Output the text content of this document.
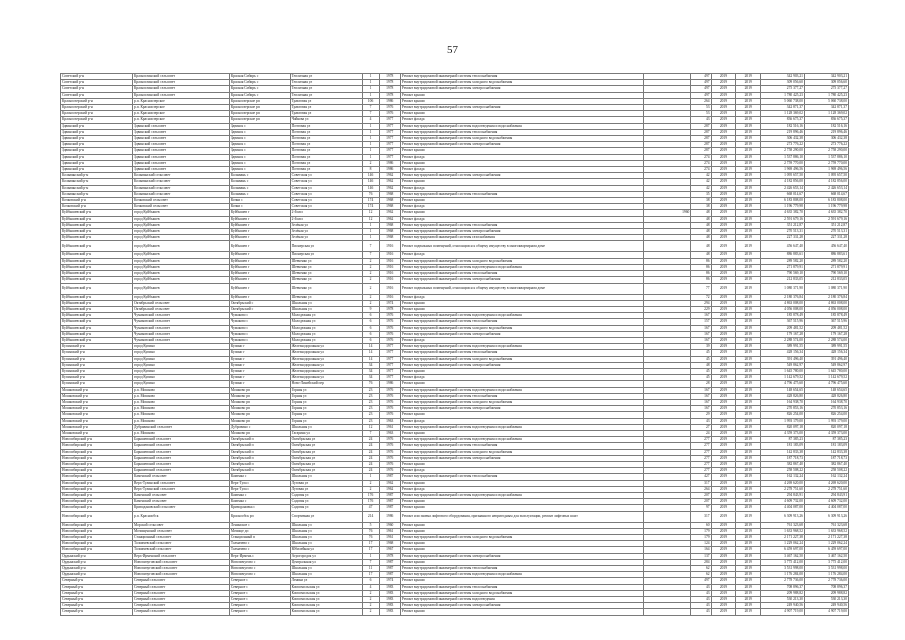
57
Советский р-н	Красноглинский сельсовет	Красная Сибирь с	Тепличная ул	1	1978	Ремонт внутридомовой инженерной системы теплоснабжения		497	2019	2019	342 903,21	342 903,21
Советский р-н	Красноглинский сельсовет	Красная Сибирь с	Тепличная ул	1	1978	Ремонт внутридомовой инженерной системы холодного водоснабжения		497	2019	2019	309 056,60	309 056,60
Советский р-н	Красноглинский сельсовет	Красная Сибирь с	Тепличная ул	1	1978	Ремонт внутридомовой инженерной системы электроснабжения		497	2019	2019	275 377,27	275 377,27
Советский р-н	Красноглинский сельсовет	Красная Сибирь с	Тепличная ул	1	1978	Ремонт крыши		497	2019	2019	1 780 425,23	1 780 425,23
Красноозерский р-н	р.п. Красноозерское	Красноозерское рп	Трактовая ул	106	1986	Ремонт крыши		264	2019	2019	5 060 738,00	5 060 738,00
Красноозерский р-н	р.п. Красноозерское	Красноозерское рп	Трактовая ул	7	1976	Ремонт внутридомовой инженерной системы электроснабжения		53	2019	2019	342 871,37	342 871,37
Красноозерский р-н	р.п. Красноозерское	Красноозерское рп	Трактовая ул	7	1976	Ремонт крыши		53	2019	2019	1 128 369,02	1 128 369,02
Красноозерский р-н	р.п. Красноозерское	Красноозерское рп	Чайкова ул	4	1977	Ремонт фасада		43	2019	2019	836 675,37	836 675,37
Здвинский р-н	Здвинский сельсовет	Здвинск с	Почтовая ул	1	1977	Ремонт внутридомовой инженерной системы водоотведения и водоснабжения		287	2019	2019	182 516,16	182 516,16
Здвинский р-н	Здвинский сельсовет	Здвинск с	Почтовая ул	1	1977	Ремонт внутридомовой инженерной системы теплоснабжения		287	2019	2019	219 896,46	219 896,46
Здвинский р-н	Здвинский сельсовет	Здвинск с	Почтовая ул	1	1977	Ремонт внутридомовой инженерной системы холодного водоснабжения		287	2019	2019	306 432,38	306 432,38
Здвинский р-н	Здвинский сельсовет	Здвинск с	Почтовая ул	1	1977	Ремонт внутридомовой инженерной системы электроснабжения		287	2019	2019	273 776,22	273 776,22
Здвинский р-н	Здвинский сельсовет	Здвинск с	Почтовая ул	1	1977	Ремонт крыши		287	2019	2019	2 758 290,00	2 758 290,00
Здвинский р-н	Здвинский сельсовет	Здвинск с	Почтовая ул	1	1977	Ремонт фасада		274	2019	2019	1 537 886,10	1 537 886,10
Здвинский р-н	Здвинский сельсовет	Здвинск с	Почтовая ул	2	1986	Ремонт крыши		274	2019	2019	2 759 770,00	2 759 770,00
Здвинский р-н	Здвинский сельсовет	Здвинск с	Почтовая ул	8	1986	Ремонт фасада		274	2019	2019	1 969 496,56	1 969 496,56
Колыванский р-н	Колыванский сельсовет	Колывань с	Советская ул	146	1962	Ремонт внутридомовой инженерной системы электроснабжения		42	2019	2019	1 095 657,50	1 095 657,50
Колыванский р-н	Колыванский сельсовет	Колывань с	Советская ул	146	1962	Ремонт крыши		42	2019	2019	4 182 856,00	4 182 856,00
Колыванский р-н	Колыванский сельсовет	Колывань с	Советская ул	146	1962	Ремонт фасада		42	2019	2019	2 426 653,14	2 426 653,14
Колыванский р-н	Колыванский сельсовет	Колывань с	Советская ул	76	1968	Ремонт внутридомовой инженерной системы теплоснабжения		35	2019	2019	668 014,67	668 014,67
Кочковский р-н	Кочковский сельсовет	Кочки с	Советская ул	174	1968	Ремонт крыши		38	2019	2019	6 183 808,00	6 183 808,00
Кочковский р-н	Кочковский сельсовет	Кочки с	Советская ул	174	1968	Ремонт фасада		38	2019	2019	1 196 779,98	1 196 779,98
Куйбышевский р-н	город Куйбышев	Куйбышев г	2-й квл	12	1962	Ремонт крыши	1960	48	2019	2019	4 635 382,70	4 635 382,70
Куйбышевский р-н	город Куйбышев	Куйбышев г	2-й квл	12	1962	Ремонт фасада		48	2019	2019	2 591 679,16	2 591 679,16
Куйбышевский р-н	город Куйбышев	Куйбышев г	Зелёная ул	1	1968	Ремонт внутридомовой инженерной системы теплоснабжения		48	2019	2019	351 212,87	351 212,87
Куйбышевский р-н	город Куйбышев	Куйбышев г	Зелёная ул	1	1968	Ремонт внутридомовой инженерной системы электроснабжения		48	2019	2019	270 513,31	270 513,31
Куйбышевский р-н	город Куйбышев	Куйбышев г	Зелёная ул	1	1968	Ремонт внутридомовой инженерной системы газоснабжения		48	2019	2019	227 331,28	227 331,28
Куйбышевский р-н	город Куйбышев	Куйбышев г	Пионерская ул	7	1916	Ремонт подвальных помещений, относящихся к общему имуществу в многоквартирном доме		48	2019	2019	456 647,40	456 647,40
Куйбышевский р-н	город Куйбышев	Куйбышев г	Пионерская ул	7	1916	Ремонт фасада		48	2019	2019	886 883,61	886 883,61
Куйбышевский р-н	город Куйбышев	Куйбышев г	Шевченко ул	2	1916	Ремонт внутридомовой инженерной системы холодного водоснабжения		86	2019	2019	289 582,20	289 582,20
Куйбышевский р-н	город Куйбышев	Куйбышев г	Шевченко ул	2	1916	Ремонт внутридомовой инженерной системы водоотведения и водоснабжения		86	2019	2019	271 879,91	271 879,91
Куйбышевский р-н	город Куйбышев	Куйбышев г	Шевченко ул	2	1916	Ремонт внутридомовой инженерной системы теплоснабжения		86	2019	2019	790 569,10	790 569,10
Куйбышевский р-н	город Куйбышев	Куйбышев г	Шевченко ул	2	1916	Ремонт внутридомовой инженерной системы электроснабжения		86	2019	2019	212 833,05	212 833,05
Куйбышевский р-н	город Куйбышев	Куйбышев г	Шевченко ул	2	1916	Ремонт подвальных помещений, относящихся к общему имуществу в многоквартирном доме		77	2019	2019	1 080 371,90	1 080 371,90
Куйбышевский р-н	город Куйбышев	Куйбышев г	Шевченко ул	2	1916	Ремонт фасада		72	2019	2019	2 180 376,84	2 180 376,84
Куйбышевский р-н	Октябрьский сельсовет	Октябрьский с	Школьная ул	2	1974	Ремонт крыши		294	2019	2019	4 863 008,00	4 863 008,00
Куйбышевский р-н	Октябрьский сельсовет	Октябрьский с	Школьная ул	9	1978	Ремонт крыши		229	2019	2019	4 056 008,00	4 056 008,00
Куйбышевский р-н	Чумаковский сельсовет	Чумаково с	Молодежная ул	6	1976	Ремонт внутридомовой инженерной системы водоотведения и водоснабжения		167	2019	2019	185 878,49	185 878,49
Куйбышевский р-н	Чумаковский сельсовет	Чумаково с	Молодежная ул	6	1976	Ремонт внутридомовой инженерной системы теплоснабжения		157	2019	2019	367 515,96	367 515,96
Куйбышевский р-н	Чумаковский сельсовет	Чумаково с	Молодежная ул	6	1976	Ремонт внутридомовой инженерной системы холодного водоснабжения		167	2019	2019	209 481,52	209 481,52
Куйбышевский р-н	Чумаковский сельсовет	Чумаково с	Молодежная ул	6	1976	Ремонт внутридомовой инженерной системы электроснабжения		167	2019	2019	179 167,28	179 167,28
Куйбышевский р-н	Чумаковский сельсовет	Чумаково с	Молодежная ул	6	1976	Ремонт фасада		167	2019	2019	2 288 574,00	2 288 574,00
Купинский р-н	город Купино	Купино г	Железнодорожная ул	14	1977	Ремонт внутридомовой инженерной системы водоотведения и водоснабжения		39	2019	2019	389 991,55	389 991,55
Купинский р-н	город Купино	Купино г	Железнодорожная ул	14	1977	Ремонт внутридомовой инженерной системы теплоснабжения		45	2019	2019	428 156,34	428 156,34
Купинский р-н	город Купино	Купино г	Железнодорожная ул	14	1977	Ремонт внутридомовой инженерной системы холодного водоснабжения		45	2019	2019	391 496,40	391 496,40
Купинский р-н	город Купино	Купино г	Железнодорожная ул	34	1977	Ремонт внутридомовой инженерной системы электроснабжения		48	2019	2019	549 862,97	549 862,97
Купинский р-н	город Купино	Купино г	Железнодорожная ул	34	1977	Ремонт крыши		45	2019	2019	1 645 780,00	1 645 780,00
Купинский р-н	город Купино	Купино г	Железнодорожная ул	34	1977	Ремонт фасада		45	2019	2019	1 142 679,52	1 142 679,52
Купинский р-н	город Купино	Купино г	Ново-Линейский пер	76	1986	Ремонт крыши		28	2019	2019	4 796 475,60	4 796 475,60
Мошковский р-н	р.п. Мошково	Мошково рп	Горная ул	23	1976	Ремонт внутридомовой инженерной системы водоотведения и водоснабжения		167	2019	2019	148 654,65	148 654,65
Мошковский р-н	р.п. Мошково	Мошково рп	Горная ул	23	1976	Ремонт внутридомовой инженерной системы теплоснабжения		167	2019	2019	428 826,80	428 826,80
Мошковский р-н	р.п. Мошково	Мошково рп	Горная ул	23	1976	Ремонт внутридомовой инженерной системы холодного водоснабжения		167	2019	2019	164 938,70	164 938,70
Мошковский р-н	р.п. Мошково	Мошково рп	Горная ул	23	1976	Ремонт внутридомовой инженерной системы электроснабжения		167	2019	2019	270 853,16	270 853,16
Мошковский р-н	р.п. Мошково	Мошково рп	Горная ул	23	1976	Ремонт крыши		29	2019	2019	826 254,00	826 254,00
Мошковский р-н	р.п. Мошково	Мошково рп	Горная ул	23	1963	Ремонт фасада		43	2019	2019	1 993 179,00	1 993 179,00
Мошковский р-н	Дубравинский сельсовет	Дубровино с	Школьная ул	12	1961	Ремонт внутридомовой инженерной системы водоотведения и водоснабжения		27	2019	2019	820 097,18	820 097,18
Мошковский р-н	р.п. Мошково	Мошково рп	Гагарина ул	7	1963	Ремонт крыши		24	2019	2019	4 359 373,00	4 359 373,00
Новосибирский р-н	Барышевский сельсовет	Октябрьский п	Октябрьская ул	24	1976	Ремонт внутридомовой инженерной системы водоотведения и водоснабжения		277	2019	2019	87 385,23	87 385,23
Новосибирский р-н	Барышевский сельсовет	Октябрьский п	Октябрьская ул	24	1976	Ремонт внутридомовой инженерной системы теплоснабжения		277	2019	2019	181 183,09	181 183,09
Новосибирский р-н	Барышевский сельсовет	Октябрьский п	Октябрьская ул	24	1976	Ремонт внутридомовой инженерной системы холодного водоснабжения		277	2019	2019	142 833,38	142 833,38
Новосибирский р-н	Барышевский сельсовет	Октябрьский п	Октябрьская ул	24	1976	Ремонт внутридомовой инженерной системы электроснабжения		277	2019	2019	187 718,73	187 718,73
Новосибирский р-н	Барышевский сельсовет	Октябрьский п	Октябрьская ул	24	1976	Ремонт крыши		277	2019	2019	382 867,40	382 867,40
Новосибирский р-н	Барышевский сельсовет	Октябрьский п	Октябрьская ул	24	1976	Ремонт фасада		277	2019	2019	258 508,22	258 508,22
Новосибирский р-н	Каменский сельсовет	Каменка с	Школьная ул	1	1987	Ремонт внутридомовой инженерной системы теплоснабжения		427	2019	2019	162 132,24	162 132,24
Новосибирский р-н	Верх-Тулинский сельсовет	Верх-Тула с	Луговая ул	2	1962	Ремонт крыши		317	2019	2019	4 269 620,00	4 269 620,00
Новосибирский р-н	Верх-Тулинский сельсовет	Верх-Тула с	Луговая ул	2	1962	Ремонт фасада		264	2019	2019	2 278 751,60	2 278 751,60
Новосибирский р-н	Каменский сельсовет	Каменка с	Садовая ул	176	1987	Ремонт внутридомовой инженерной системы водоотведения и водоснабжения		207	2019	2019	294 843,91	294 843,91
Новосибирский р-н	Каменский сельсовет	Каменка с	Садовая ул	176	1987	Ремонт крыши		207	2019	2019	4 609 732,00	4 609 732,00
Новосибирский р-н	Криводановский сельсовет	Криводановка с	Садовая ул	47	1987	Ремонт крыши		97	2019	2019	4 404 087,00	4 404 087,00
Новосибирский р-н	р.п. Краснообск	Краснообск рп	Спортивная ул	214	1986	Ремонт или замена лифтового оборудования, признанного непригодным для эксплуатации, ремонт лифтовых шахт		317	2019	2019	6 309 913,26	6 309 913,26
Новосибирский р-н	Морской сельсовет	Ленинское с	Школьная ул	5	1960	Ремонт крыши		60	2019	2019	761 323,68	761 323,68
Новосибирский р-н	Мочищенский сельсовет	Мочище дп	Школьная ул	76	1961	Ремонт крыши		179	2019	2019	1 633 968,52	1 633 968,52
Новосибирский р-н	Станционный сельсовет	Станционный п	Школьная ул	76	1961	Ремонт внутридомовой инженерной системы холодного водоснабжения		179	2019	2019	2 171 227,38	2 171 227,38
Новосибирский р-н	Толмачевский сельсовет	Толмачево с	Школьная ул	17	1968	Ремонт крыши		124	2019	2019	1 229 062,24	1 229 062,24
Новосибирский р-н	Толмачевский сельсовет	Толмачево с	Юбилейная ул	17	1967	Ремонт крыши		164	2019	2019	6 459 697,00	6 459 697,00
Ордынский р-н	Верх-Ирменский сельсовет	Верх-Ирмень с	Агрогородок ул	1	1978	Ремонт внутридомовой инженерной системы электроснабжения		137	2019	2019	3 467 162,50	3 467 162,50
Ордынский р-н	Новопичуговский сельсовет	Новопичугово с	Центральная ул	7	1987	Ремонт крыши		284	2019	2019	3 775 412,00	3 775 412,00
Ордынский р-н	Новопичуговский сельсовет	Новопичугово с	Школьная ул	11	1987	Ремонт внутридомовой инженерной системы теплоснабжения		62	2019	2019	3 531 998,00	3 531 998,00
Ордынский р-н	Новопичуговский сельсовет	Новопичугово с	Школьная ул	17	1987	Ремонт внутридомовой инженерной системы водоотведения и водоснабжения		62	2019	2019	1 176 284,00	1 176 284,00
Северный р-н	Северный сельсовет	Северное с	Ленина ул	6	1974	Ремонт крыши		497	2019	2019	2 778 736,00	2 778 736,00
Северный р-н	Северный сельсовет	Северное с	Комсомольская ул	4	1983	Ремонт внутридомовой инженерной системы теплоснабжения		43	2019	2019	708 896,37	708 896,37
Северный р-н	Северный сельсовет	Северное с	Комсомольская ул	2	1983	Ремонт внутридомовой инженерной системы холодного водоснабжения		43	2019	2019	209 988,82	209 988,82
Северный р-н	Северный сельсовет	Северное с	Комсомольская ул	2	1983	Ремонт внутридомовой инженерной системы водоотведения		43	2019	2019	530 213,30	530 213,30
Северный р-н	Северный сельсовет	Северное с	Комсомольская ул	2	1983	Ремонт внутридомовой инженерной системы электроснабжения		43	2019	2019	249 940,56	249 940,56
Северный р-н	Северный сельсовет	Северное с	Комсомольская ул	2	1983	Ремонт крыши		43	2019	2019	4 907 719,00	4 907 719,00
